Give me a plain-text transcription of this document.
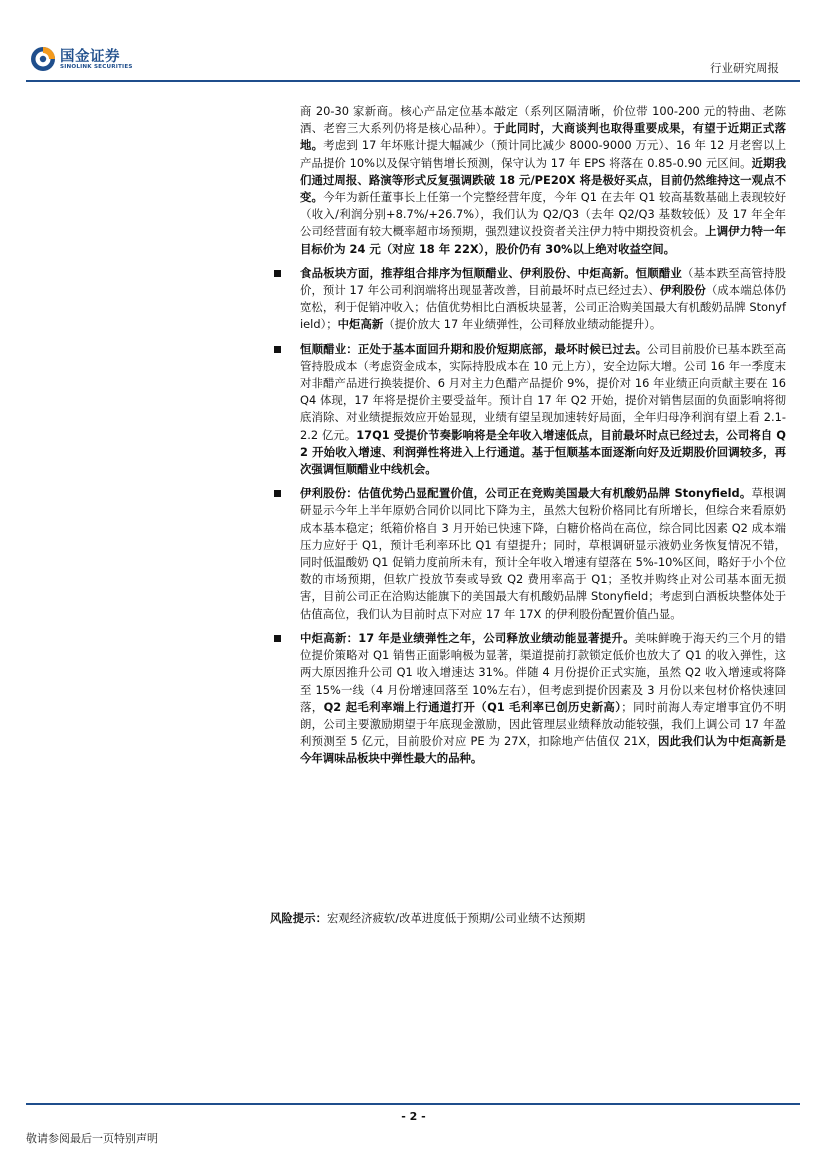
国金证券
SINOLINK SECURITIES	行业研究周报

商 20-30 家新商。核心产品定位基本敲定（系列区隔清晰，价位带 100-200 元的特曲、老陈酒、老窖三大系列仍将是核心品种）。于此同时，大商谈判也取得重要成果，有望于近期正式落地。考虑到 17 年坏账计提大幅减少（预计同比减少 8000-9000 万元）、16 年 12 月老窖以上产品提价 10%以及保守销售增长预测，保守认为 17 年 EPS 将落在 0.85-0.90 元区间。近期我们通过周报、路演等形式反复强调跌破 18 元/PE20X 将是极好买点，目前仍然维持这一观点不变。今年为新任董事长上任第一个完整经营年度，今年 Q1 在去年 Q1 较高基数基础上表现较好（收入/利润分别+8.7%/+26.7%），我们认为 Q2/Q3（去年 Q2/Q3 基数较低）及 17 年全年公司经营面有较大概率超市场预期，强烈建议投资者关注伊力特中期投资机会。上调伊力特一年目标价为 24 元（对应 18 年 22X），股价仍有 30%以上绝对收益空间。

食品板块方面，推荐组合排序为恒顺醋业、伊利股份、中炬高新。恒顺醋业（基本跌至高管持股价，预计 17 年公司利润端将出现显著改善，目前最坏时点已经过去）、伊利股份（成本端总体仍宽松，利于促销冲收入；估值优势相比白酒板块显著，公司正洽购美国最大有机酸奶品牌 Stonyfield）；中炬高新（提价放大 17 年业绩弹性，公司释放业绩动能提升）。

恒顺醋业：正处于基本面回升期和股价短期底部，最坏时候已过去。公司目前股价已基本跌至高管持股成本（考虑资金成本，实际持股成本在 10 元上方），安全边际大增。公司 16 年一季度末对非醋产品进行换装提价、6 月对主力色醋产品提价 9%，提价对 16 年业绩正向贡献主要在 16Q4 体现，17 年将是提价主要受益年。预计自 17 年 Q2 开始，提价对销售层面的负面影响将彻底消除、对业绩提振效应开始显现，业绩有望呈现加速转好局面，全年归母净利润有望上看 2.1-2.2 亿元。17Q1 受提价节奏影响将是全年收入增速低点，目前最坏时点已经过去，公司将自 Q2 开始收入增速、利润弹性将进入上行通道。基于恒顺基本面逐渐向好及近期股价回调较多，再次强调恒顺醋业中线机会。

伊利股份：估值优势凸显配置价值，公司正在竞购美国最大有机酸奶品牌 Stonyfield。草根调研显示今年上半年原奶合同价以同比下降为主，虽然大包粉价格同比有所增长，但综合来看原奶成本基本稳定；纸箱价格自 3 月开始已快速下降，白糖价格尚在高位，综合同比因素 Q2 成本端压力应好于 Q1，预计毛利率环比 Q1 有望提升；同时，草根调研显示液奶业务恢复情况不错，同时低温酸奶 Q1 促销力度前所未有，预计全年收入增速有望落在 5%-10%区间，略好于小个位数的市场预期，但软广投放节奏或导致 Q2 费用率高于 Q1；圣牧并购终止对公司基本面无损害，目前公司正在洽购达能旗下的美国最大有机酸奶品牌 Stonyfield；考虑到白酒板块整体处于估值高位，我们认为目前时点下对应 17 年 17X 的伊利股份配置价值凸显。

中炬高新：17 年是业绩弹性之年，公司释放业绩动能显著提升。美味鲜晚于海天约三个月的错位提价策略对 Q1 销售正面影响极为显著，渠道提前打款锁定低价也放大了 Q1 的收入弹性，这两大原因推升公司 Q1 收入增速达 31%。伴随 4 月份提价正式实施，虽然 Q2 收入增速或将降至 15%一线（4 月份增速回落至 10%左右），但考虑到提价因素及 3 月份以来包材价格快速回落，Q2 起毛利率端上行通道打开（Q1 毛利率已创历史新高）；同时前海人寿定增事宜仍不明朗，公司主要激励期望于年底现金激励，因此管理层业绩释放动能较强，我们上调公司 17 年盈利预测至 5 亿元，目前股价对应 PE 为 27X，扣除地产估值仅 21X，因此我们认为中炬高新是今年调味品板块中弹性最大的品种。

风险提示：宏观经济疲软/改革进度低于预期/公司业绩不达预期
- 2 -
敬请参阅最后一页特别声明
